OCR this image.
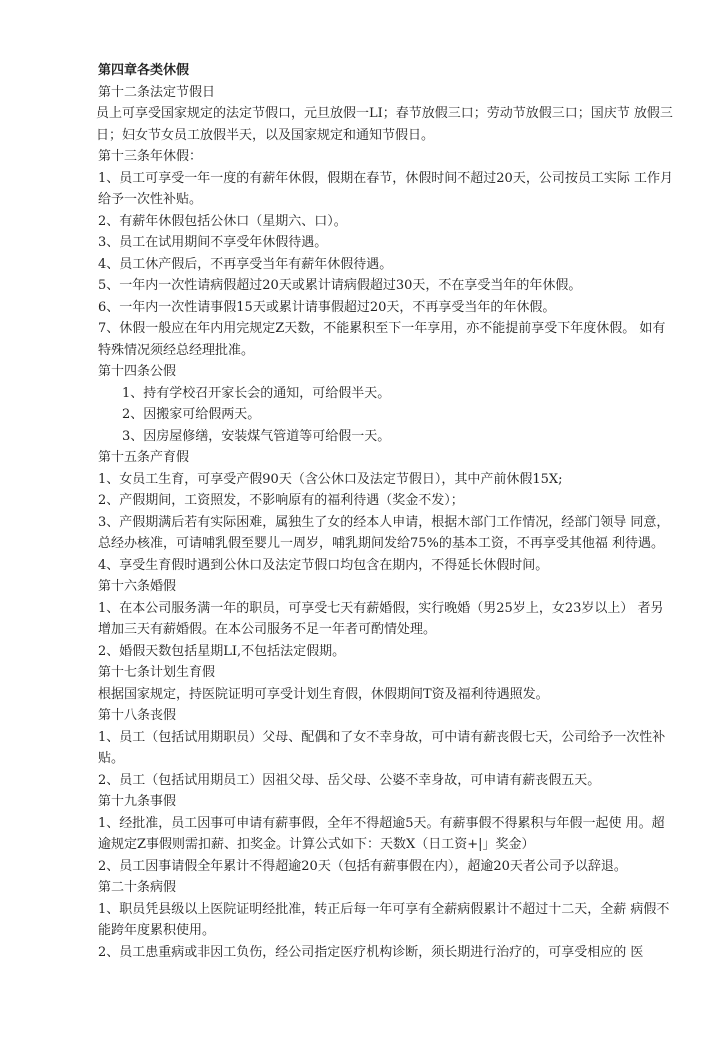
第四章各类休假

第十二条法定节假日

员上可享受国家规定的法定节假口，元旦放假一LI；春节放假三口；劳动节放假三口；国庆节 放假三日；妇女节女员工放假半天，以及国家规定和通知节假日。

第十三条年休假：

1、员工可享受一年一度的有薪年休假，假期在春节，休假时间不超过20天，公司按员工实际 工作月给予一次性补贴。

2、有薪年休假包括公休口（星期六、口）。

3、员工在试用期间不享受年休假待遇。

4、员工休产假后，不再享受当年有薪年休假待遇。

5、一年内一次性请病假超过20天或累计请病假超过30天，不在享受当年的年休假。

6、一年内一次性请事假15天或累计请事假超过20天，不再享受当年的年休假。

7、休假一般应在年内用完规定Z天数，不能累积至下一年享用，亦不能提前享受下年度休假。 如有特殊情况须经总经理批准。

第十四条公假

1、持有学校召开家长会的通知，可给假半天。

2、因搬家可给假两天。

3、因房屋修缮，安装煤气管道等可给假一天。

第十五条产育假

1、女员工生育，可享受产假90天（含公休口及法定节假日），其中产前休假15X;

2、产假期间，工资照发，不影响原有的福利待遇（奖金不发）；

3、产假期满后若有实际困难，属独生了女的经本人申请，根据木部门工作情况，经部门领导 同意，总经办核准，可请哺乳假至婴儿一周岁，哺乳期间发给75%的基本工资，不再享受其他福 利待遇。

4、享受生育假时遇到公休口及法定节假口均包含在期内，不得延长休假时间。

第十六条婚假

1、在本公司服务满一年的职员，可享受七天有薪婚假，实行晚婚（男25岁上，女23岁以上） 者另增加三天有薪婚假。在本公司服务不足一年者可酌情处理。

2、婚假天数包括星期LI,不包括法定假期。

第十七条计划生育假

根据国家规定，持医院证明可享受计划生育假，休假期间T资及福利待遇照发。

第十八条丧假

1、员工（包括试用期职员）父母、配偶和了女不幸身故，可中请有薪丧假七天，公司给予一次性补贴。

2、员工（包括试用期员工）因祖父母、岳父母、公婆不幸身故，可申请有薪丧假五天。

第十九条事假

1、经批准，员工因事可申请有薪事假，全年不得超逾5天。有薪事假不得累积与年假一起使 用。超逾规定Z事假则需扣薪、扣奖金。计算公式如下：天数X（日工资+|」奖金）

2、员工因事请假全年累计不得超逾20天（包括有薪事假在内），超逾20天者公司予以辞退。

第二十条病假

1、职员凭县级以上医院证明经批准，转正后每一年可享有全薪病假累计不超过十二天，全薪 病假不能跨年度累积使用。

2、员工患重病或非因工负伤，经公司指定医疗机构诊断，须长期进行治疗的，可享受相应的 医
